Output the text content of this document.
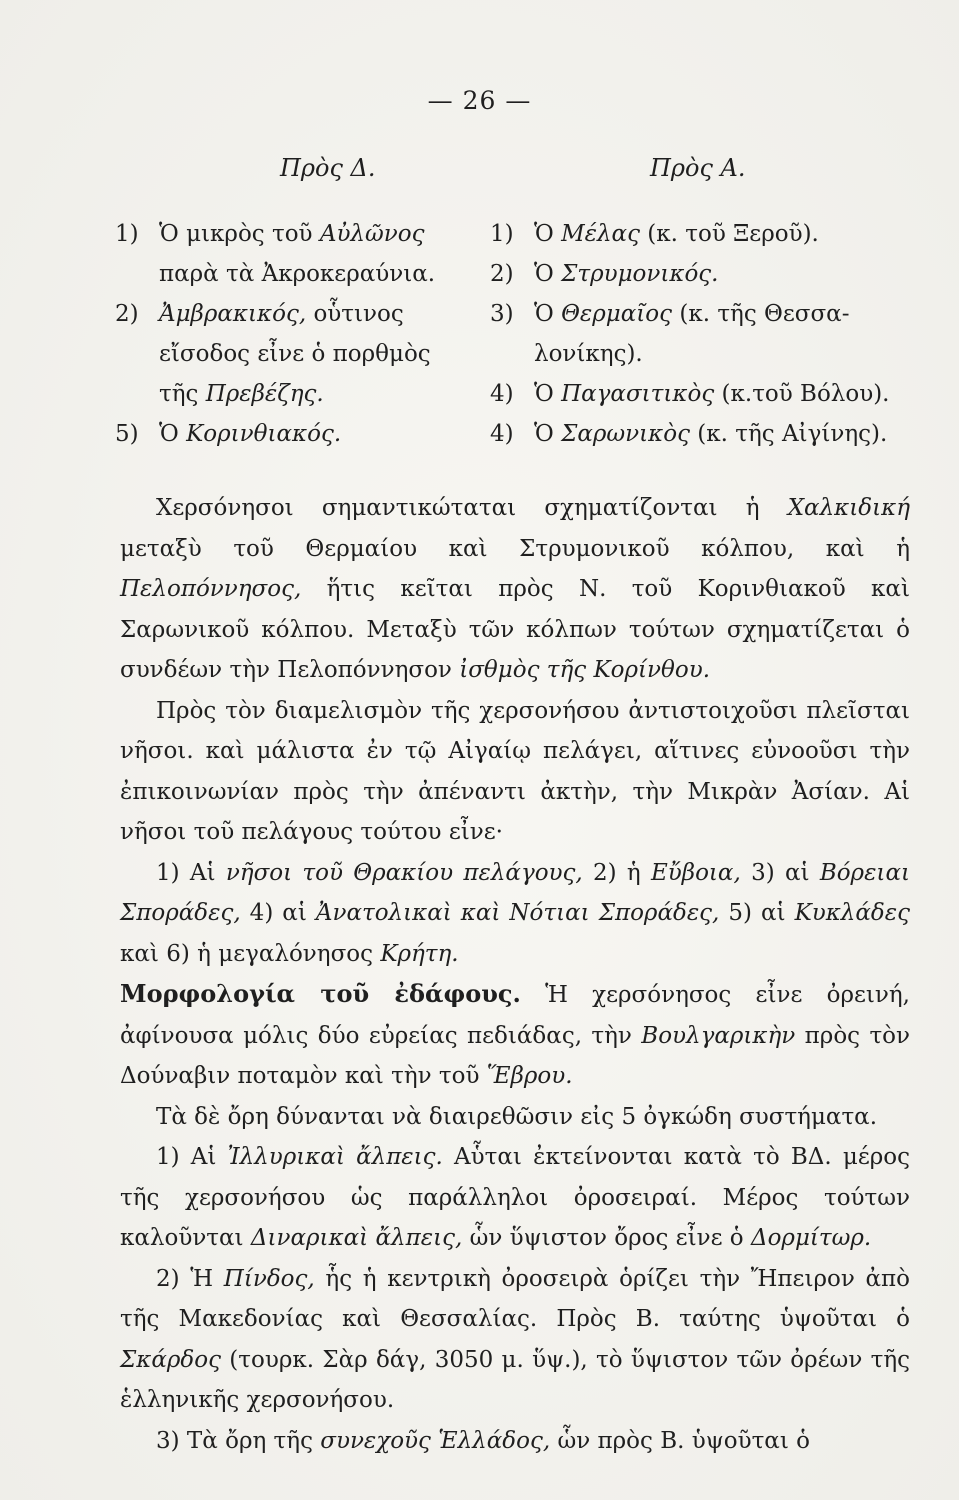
— 26 —
Πρὸς Δ.	Πρὸς Α.
1) Ὁ μικρὸς τοῦ Αὐλῶνος
παρὰ τὰ Ἀκροκεραύνια.
2) Ἀμβρακικός, οὗτινος
εἴσοδος εἶνε ὁ πορθμὸς
τῆς Πρεβέζης.
5) Ὁ Κορινθιακός.
1) Ὁ Μέλας (κ. τοῦ Ξεροῦ).
2) Ὁ Στρυμονικός.
3) Ὁ Θερμαῖος (κ. τῆς Θεσσα-
λονίκης).
4) Ὁ Παγασιτικὸς (κ.τοῦ Βόλου).
4) Ὁ Σαρωνικὸς (κ. τῆς Αἰγίνης).

Χερσόνησοι σημαντικώταται σχηματίζονται ἡ Χαλκιδική μεταξὺ τοῦ Θερμαίου καὶ Στρυμονικοῦ κόλπου, καὶ ἡ Πελοπόννησος, ἥτις κεῖται πρὸς Ν. τοῦ Κορινθιακοῦ καὶ Σαρωνικοῦ κόλπου. Μεταξὺ τῶν κόλπων τούτων σχηματίζεται ὁ συνδέων τὴν Πελοπόννησον ἰσθμὸς τῆς Κορίνθου.

Πρὸς τὸν διαμελισμὸν τῆς χερσονήσου ἀντιστοιχοῦσι πλεῖσται νῆσοι. καὶ μάλιστα ἐν τῷ Αἰγαίῳ πελάγει, αἵτινες εὐνοοῦσι τὴν ἐπικοινωνίαν πρὸς τὴν ἀπέναντι ἀκτὴν, τὴν Μικρὰν Ἀσίαν. Αἱ νῆσοι τοῦ πελάγους τούτου εἶνε·

1) Αἱ νῆσοι τοῦ Θρακίου πελάγους, 2) ἡ Εὔβοια, 3) αἱ Βόρειαι Σποράδες, 4) αἱ Ἀνατολικαὶ καὶ Νότιαι Σποράδες, 5) αἱ Κυκλάδες καὶ 6) ἡ μεγαλόνησος Κρήτη.

Μορφολογία τοῦ ἐδάφους. Ἡ χερσόνησος εἶνε ὀρεινή, ἀφίνουσα μόλις δύο εὐρείας πεδιάδας, τὴν Βουλγαρικὴν πρὸς τὸν Δούναβιν ποταμὸν καὶ τὴν τοῦ Ἕβρου.

Τὰ δὲ ὄρη δύνανται νὰ διαιρεθῶσιν εἰς 5 ὀγκώδη συστήματα.

1) Αἱ Ἰλλυρικαὶ ἄλπεις. Αὗται ἐκτείνονται κατὰ τὸ ΒΔ. μέρος τῆς χερσονήσου ὡς παράλληλοι ὀροσειραί. Μέρος τούτων καλοῦνται Διναρικαὶ ἄλπεις, ὧν ὕψιστον ὄρος εἶνε ὁ Δορμίτωρ.

2) Ἡ Πίνδος, ἧς ἡ κεντρικὴ ὀροσειρὰ ὁρίζει τὴν Ἤπειρον ἀπὸ τῆς Μακεδονίας καὶ Θεσσαλίας. Πρὸς Β. ταύτης ὑψοῦται ὁ Σκάρδος (τουρκ. Σὰρ δάγ, 3050 μ. ὕψ.), τὸ ὕψιστον τῶν ὀρέων τῆς ἑλληνικῆς χερσονήσου.

3) Τὰ ὄρη τῆς συνεχοῦς Ἑλλάδος, ὧν πρὸς Β. ὑψοῦται ὁ
